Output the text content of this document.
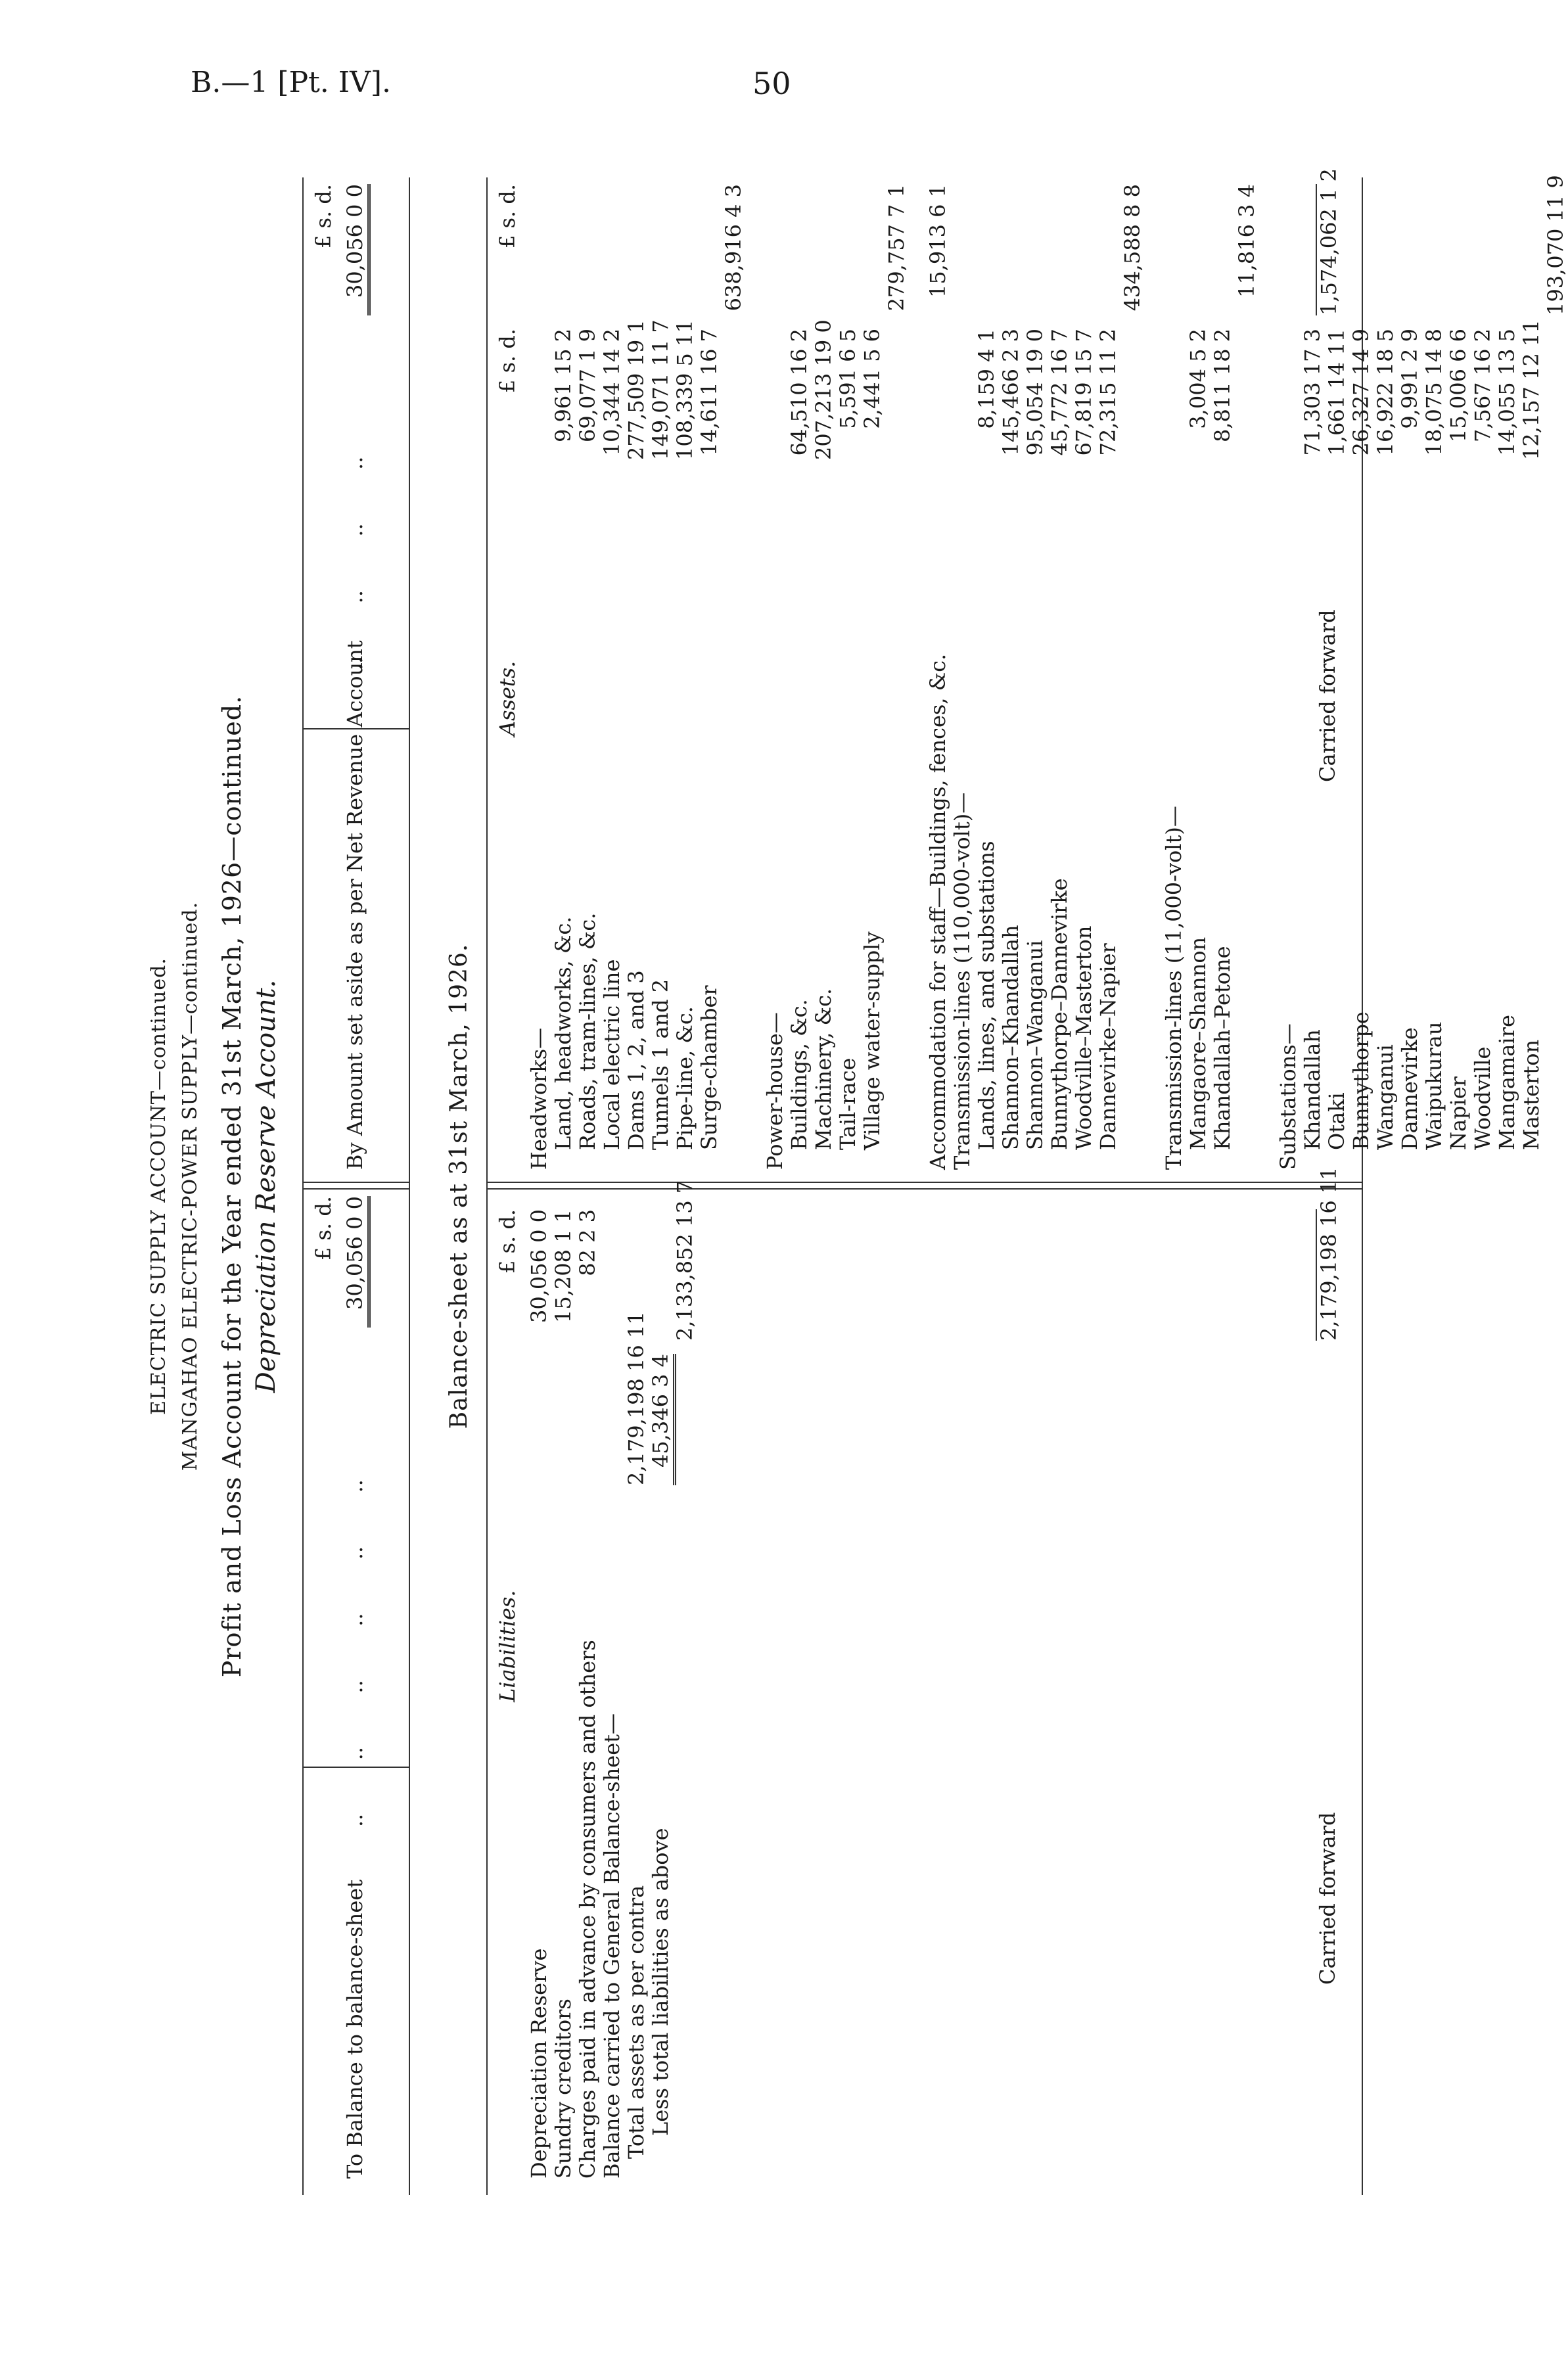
B.—1 [Pt. IV].	50
ELECTRIC SUPPLY ACCOUNT—continued. MANGAHAO ELECTRIC-POWER SUPPLY—continued. Profit and Loss Account for the Year ended 31st March, 1926—continued. Depreciation Reserve Account. £ s. d.
To Balance to balance-sheet
..        ..        ..        ..        ..        ..
30,056 0 0
£ s. d.
By Amount set aside as per Net Revenue Account
..        ..        ..        ..
30,056 0 0
Balance-sheet as at 31st March, 1926.
Liabilities.
£ s. d.
Depreciation Reserve
30,056 0 0
Sundry creditors
15,208 1 1
Charges paid in advance by consumers and others
82 2 3
Balance carried to General Balance-sheet— Total assets as per contra
2,179,198 16 11
Less total liabilities as above
45,346 3 4
2,133,852 13 7
Carried forward
2,179,198 16 11
Assets.
£ s. d.
£ s. d.
Headworks— Land, headworks, &c.
9,961 15 2
Roads, tram-lines, &c.
69,077 1 9
Local electric line
10,344 14 2
Dams 1, 2, and 3
277,509 19 1
Tunnels 1 and 2
149,071 11 7
Pipe-line, &c.
108,339 5 11
Surge-chamber
14,611 16 7
638,916 4 3
Power-house— Buildings, &c.
64,510 16 2
Machinery, &c.
207,213 19 0
Tail-race
5,591 6 5
Village water-supply
2,441 5 6
279,757 7 1
Accommodation for staff—Buildings, fences, &c.
15,913 6 1
Transmission-lines (110,000-volt)— Lands, lines, and substations
8,159 4 1
Shannon–Khandallah
145,466 2 3
Shannon–Wanganui
95,054 19 0
Bunnythorpe–Dannevirke
45,772 16 7
Woodville–Masterton
67,819 15 7
Dannevirke–Napier
72,315 11 2
434,588 8 8
Transmission-lines (11,000-volt)— Mangaore–Shannon
3,004 5 2
Khandallah–Petone
8,811 18 2
11,816 3 4
Substations— Khandallah
71,303 17 3
Otaki
1,661 14 11
Bunnythorpe
26,327 14 9
Wanganui
16,922 18 5
Dannevirke
9,991 2 9
Waipukurau
18,075 14 8
Napier
15,006 6 6
Woodville
7,567 16 2
Mangamaire
14,055 13 5
Masterton
12,157 12 11
193,070 11 9
Carried forward
1,574,062 1 2
